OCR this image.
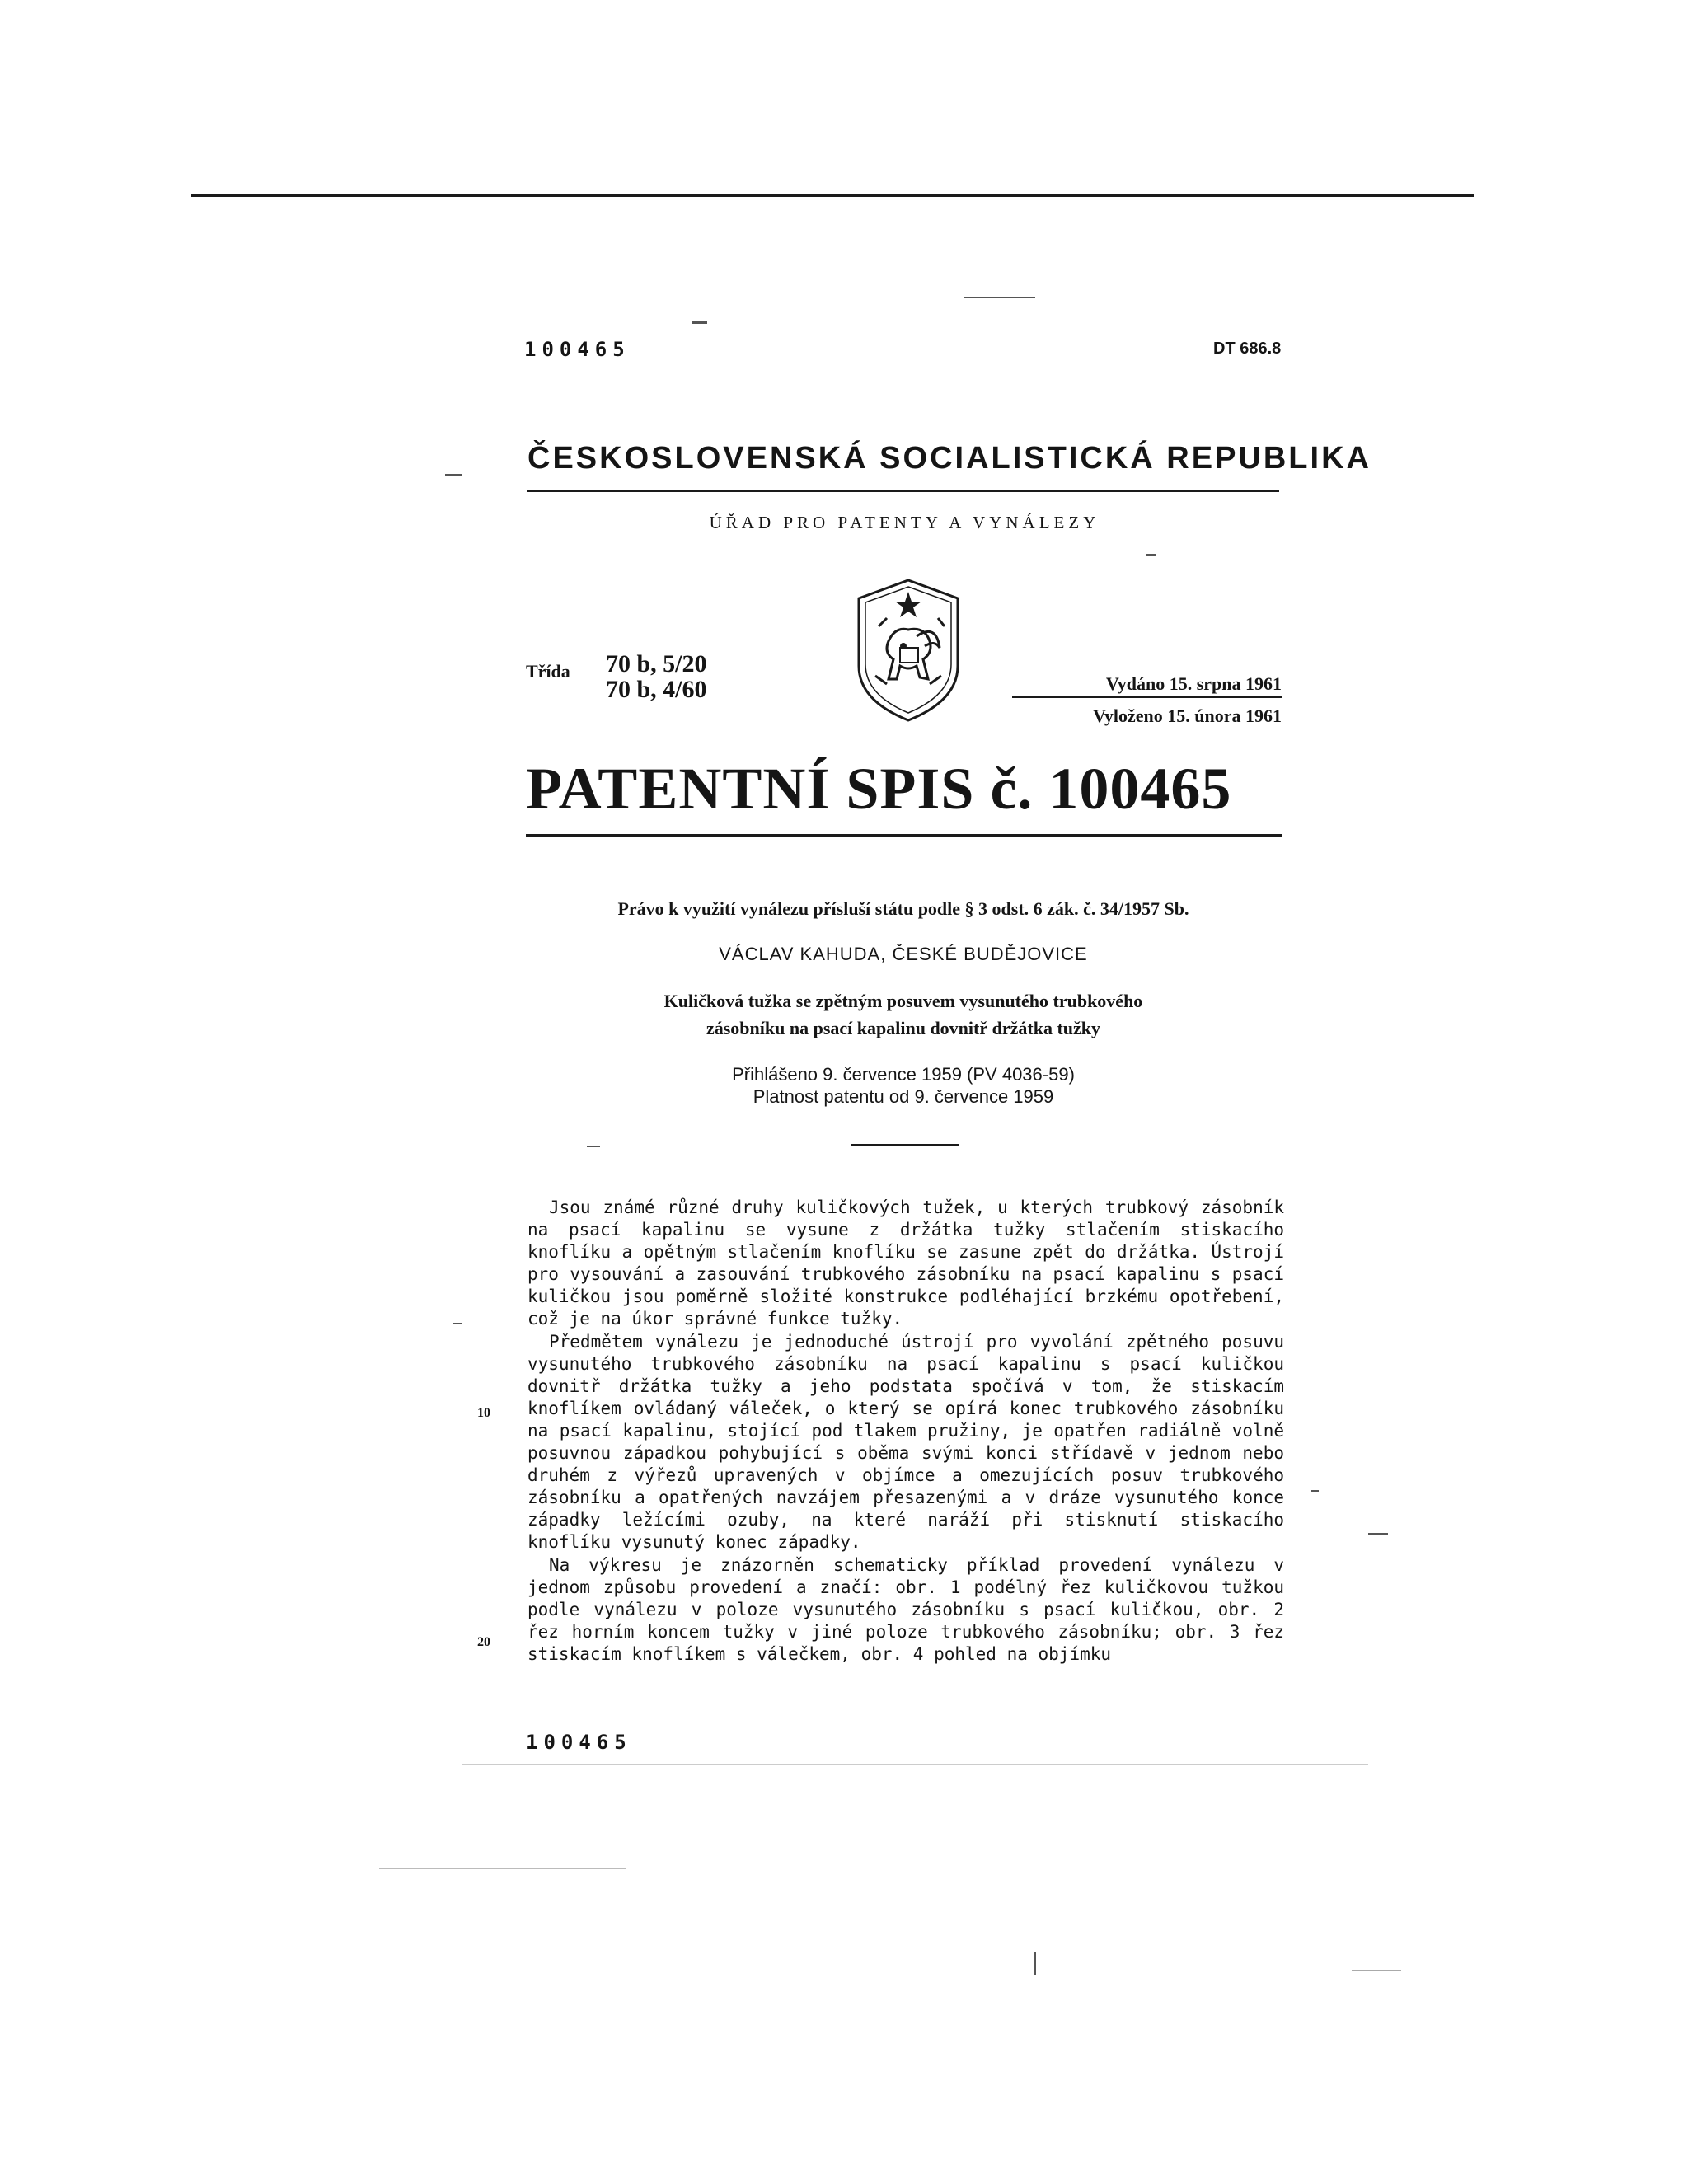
100465	DT 686.8
ČESKOSLOVENSKÁ SOCIALISTICKÁ REPUBLIKA
ÚŘAD PRO PATENTY A VYNÁLEZY
Třída 70 b, 5/20
70 b, 4/60	Vydáno 15. srpna 1961
Vyloženo 15. února 1961
PATENTNÍ SPIS č. 100465
Právo k využití vynálezu přísluší státu podle § 3 odst. 6 zák. č. 34/1957 Sb.
VÁCLAV KAHUDA, ČESKÉ BUDĚJOVICE
Kuličková tužka se zpětným posuvem vysunutého trubkového
zásobníku na psací kapalinu dovnitř držátka tužky
Přihlášeno 9. července 1959 (PV 4036-59)
Platnost patentu od 9. července 1959

Jsou známé různé druhy kuličkových tužek, u kterých trubkový zásobník na psací kapalinu se vysune z držátka tužky stlačením stiskacího knoflíku a opětným stlačením knoflíku se zasune zpět do držátka. Ústrojí pro vysouvání a zasouvání trubkového zásobníku na psací kapalinu s psací kuličkou jsou poměrně složité konstrukce podléhající brzkému opotřebení, což je na úkor správné funkce tužky.

Předmětem vynálezu je jednoduché ústrojí pro vyvolání zpětného posuvu vysunutého trubkového zásobníku na psací kapalinu s psací kuličkou dovnitř držátka tužky a jeho podstata spočívá v tom, že stiskacím knoflíkem ovládaný váleček, o který se opírá konec trubkového zásobníku na psací kapalinu, stojící pod tlakem pružiny, je opatřen radiálně volně posuvnou západkou pohybující s oběma svými konci střídavě v jednom nebo druhém z výřezů upravených v objímce a omezujících posuv trubkového zásobníku a opatřených navzájem přesazenými a v dráze vysunutého konce západky ležícími ozuby, na které naráží při stisknutí stiskacího knoflíku vysunutý konec západky.

Na výkresu je znázorněn schematicky příklad provedení vynálezu v jednom způsobu provedení a značí: obr. 1 podélný řez kuličkovou tužkou podle vynálezu v poloze vysunutého zásobníku s psací kuličkou, obr. 2 řez horním koncem tužky v jiné poloze trubkového zásobníku; obr. 3 řez stiskacím knoflíkem s válečkem, obr. 4 pohled na objímku

10
20
100465
